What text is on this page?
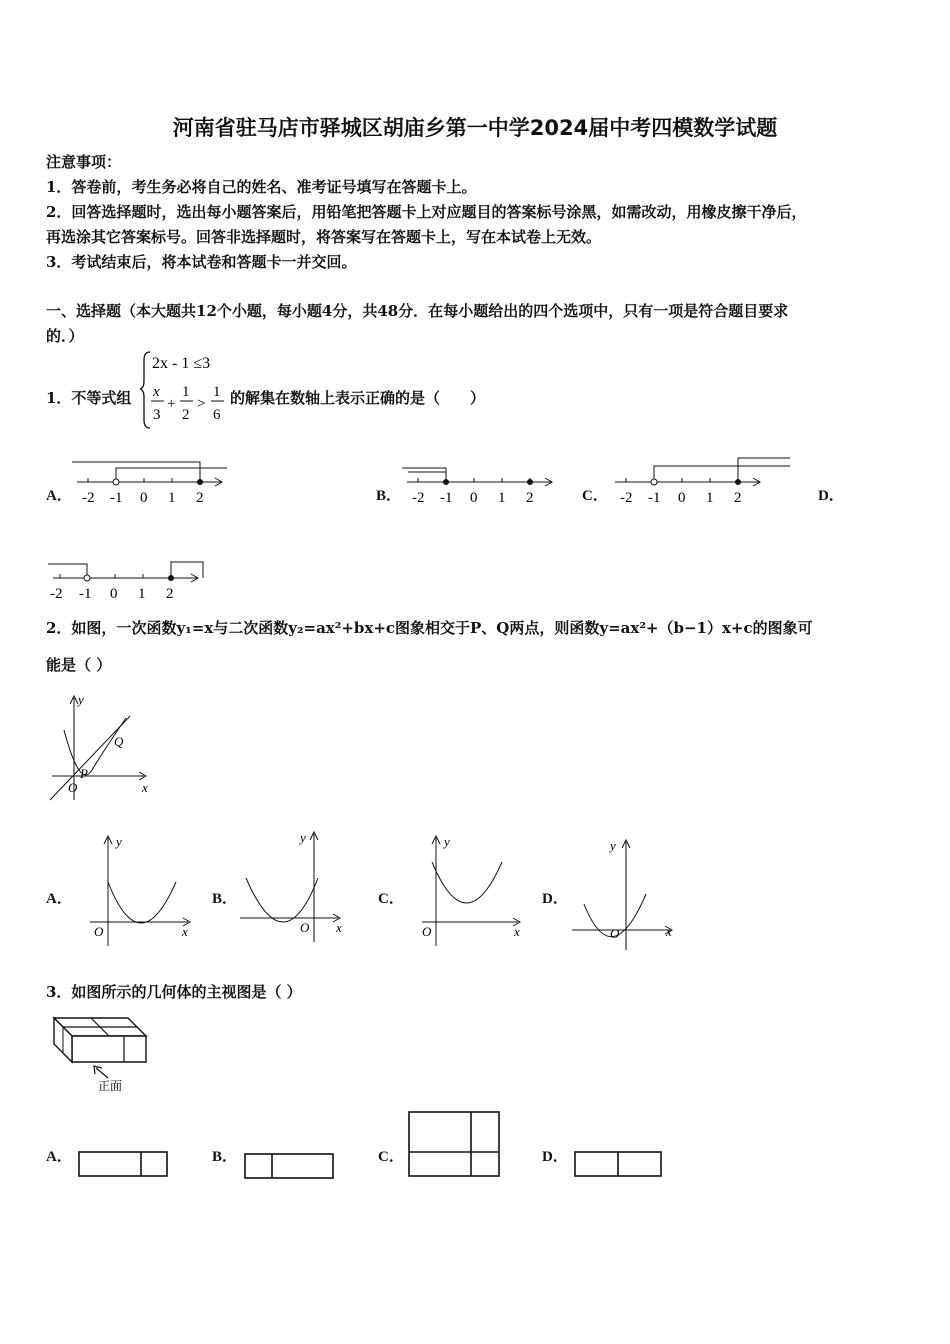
河南省驻马店市驿城区胡庙乡第一中学2024届中考四模数学试题
注意事项：
1．答卷前，考生务必将自己的姓名、准考证号填写在答题卡上。
2．回答选择题时，选出每小题答案后，用铅笔把答题卡上对应题目的答案标号涂黑，如需改动，用橡皮擦干净后，
再选涂其它答案标号。回答非选择题时，将答案写在答题卡上，写在本试卷上无效。
3．考试结束后，将本试卷和答题卡一并交回。
一、选择题（本大题共12个小题，每小题4分，共48分．在每小题给出的四个选项中，只有一项是符合题目要求
的．）
1．不等式组
2x - 1 ≤3
x
3
+
1
2
>
1
6
的解集在数轴上表示正确的是（　　）
A． -2 -1 0 1 2	B． -2 -1 0 1 2	C． -2 -1 0 1 2	D．
-2 -1 0 1 2
2．如图，一次函数y₁=x与二次函数y₂=ax²+bx+c图象相交于P、Q两点，则函数y=ax²+（b−1）x+c的图象可
能是（ ）
y
x
O
P
Q
A．
y
x
O
B．
y
x
O
C．
y
x
O
D．
y
x
O
3．如图所示的几何体的主视图是（ ）
正面
A．	B．	C．	D．
